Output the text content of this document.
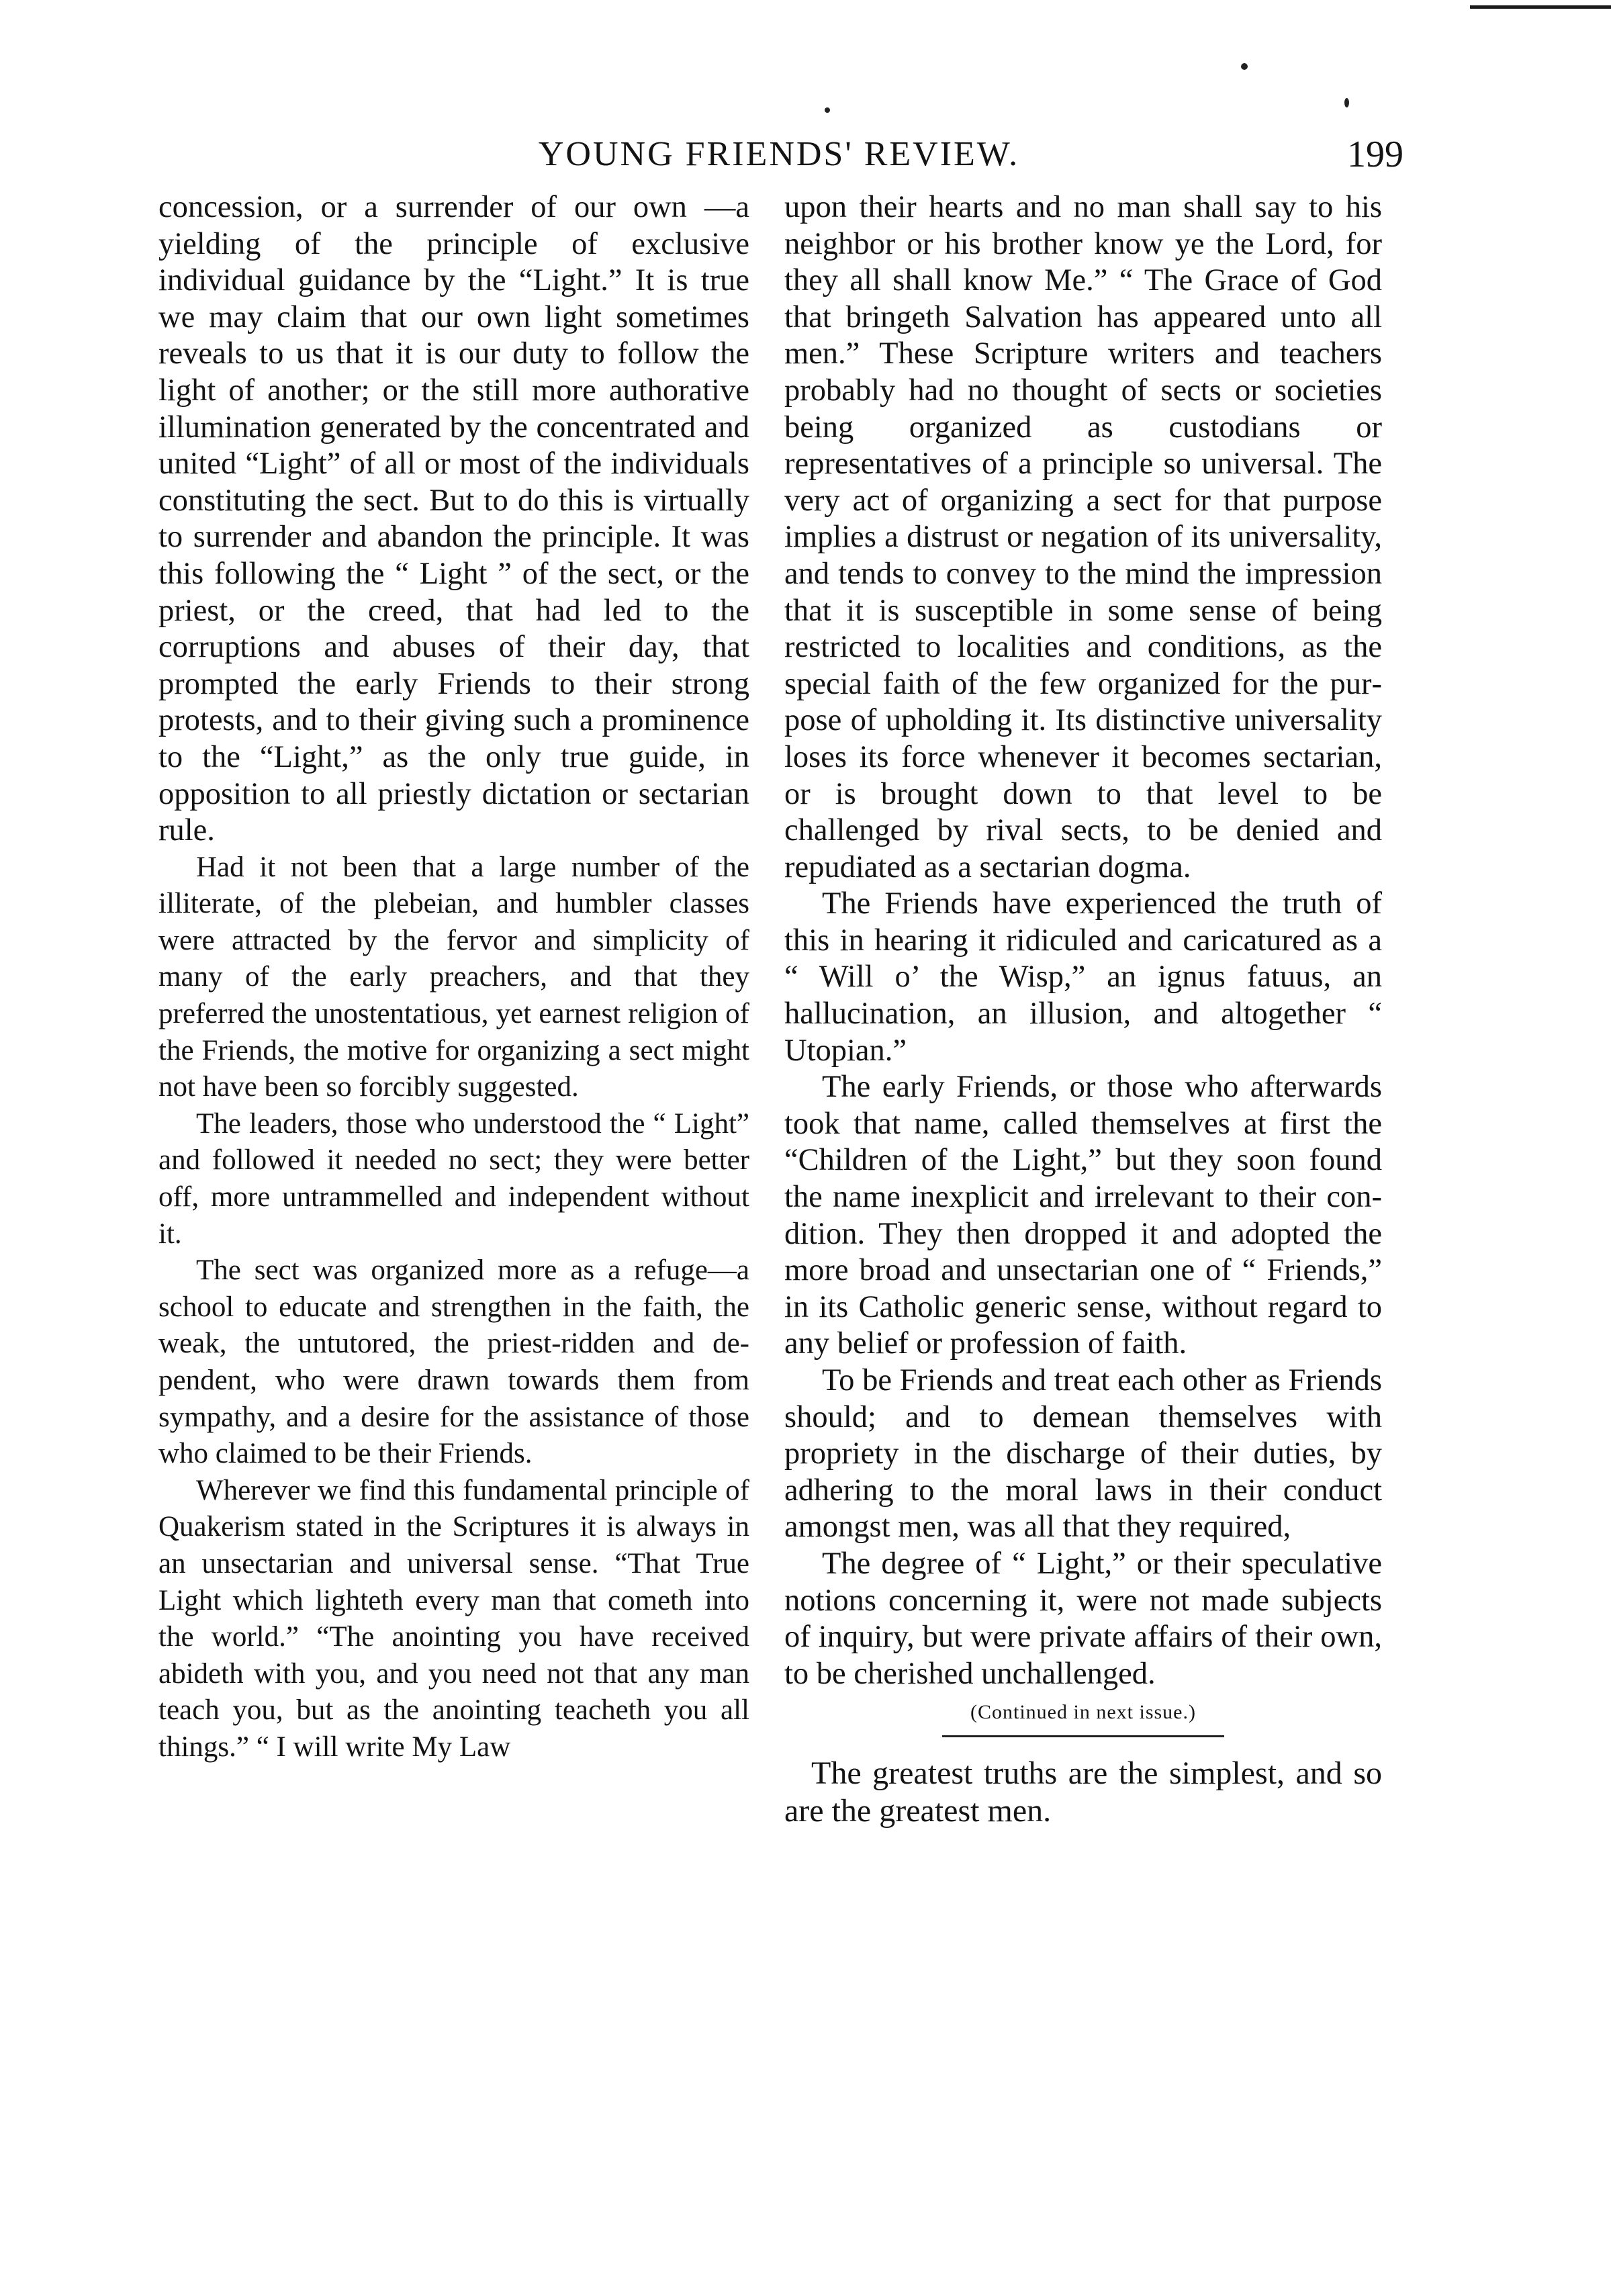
YOUNG FRIENDS' REVIEW.	199

concession, or a surrender of our own —a yielding of the principle of exclusive individual guidance by the “Light.” It is true we may claim that our own light sometimes reveals to us that it is our duty to follow the light of another; or the still more authorative illumination generated by the concentrated and united “Light” of all or most of the individuals constituting the sect. But to do this is virtually to surrender and abandon the principle. It was this following the “ Light ” of the sect, or the priest, or the creed, that had led to the corruptions and abuses of their day, that prompted the early Friends to their strong protests, and to their giving such a prominence to the “Light,” as the only true guide, in opposition to all priestly dictation or sectarian rule.

Had it not been that a large number of the illiterate, of the plebeian, and humbler classes were attracted by the fervor and simplicity of many of the early preachers, and that they preferred the unostentatious, yet earnest religion of the Friends, the motive for organizing a sect might not have been so forcibly suggested.

The leaders, those who understood the “ Light” and followed it needed no sect; they were better off, more untrammelled and independent without it.

The sect was organized more as a refuge—a school to educate and strengthen in the faith, the weak, the untutored, the priest-ridden and dependent, who were drawn towards them from sympathy, and a desire for the assistance of those who claimed to be their Friends.

Wherever we find this fundamental principle of Quakerism stated in the Scriptures it is always in an unsectarian and universal sense. “That True Light which lighteth every man that cometh into the world.” “The anointing you have received abideth with you, and you need not that any man teach you, but as the anointing teacheth you all things.” “ I will write My Law

upon their hearts and no man shall say to his neighbor or his brother know ye the Lord, for they all shall know Me.” “ The Grace of God that bringeth Salvation has appeared unto all men.” These Scripture writers and teachers probably had no thought of sects or societies being organized as custodians or representatives of a principle so universal. The very act of organizing a sect for that purpose implies a distrust or negation of its universality, and tends to convey to the mind the impression that it is susceptible in some sense of being restricted to localities and conditions, as the special faith of the few organized for the purpose of upholding it. Its distinctive universality loses its force whenever it becomes sectarian, or is brought down to that level to be challenged by rival sects, to be denied and repudiated as a sectarian dogma.

The Friends have experienced the truth of this in hearing it ridiculed and caricatured as a “ Will o’ the Wisp,” an ignus fatuus, an hallucination, an illusion, and altogether “ Utopian.”

The early Friends, or those who afterwards took that name, called themselves at first the “Children of the Light,” but they soon found the name inexplicit and irrelevant to their condition. They then dropped it and adopted the more broad and unsectarian one of “ Friends,” in its Catholic generic sense, without regard to any belief or profession of faith.

To be Friends and treat each other as Friends should; and to demean themselves with propriety in the discharge of their duties, by adhering to the moral laws in their conduct amongst men, was all that they required,

The degree of “ Light,” or their speculative notions concerning it, were not made subjects of inquiry, but were private affairs of their own, to be cherished unchallenged.

(Continued in next issue.)

The greatest truths are the simplest, and so are the greatest men.
